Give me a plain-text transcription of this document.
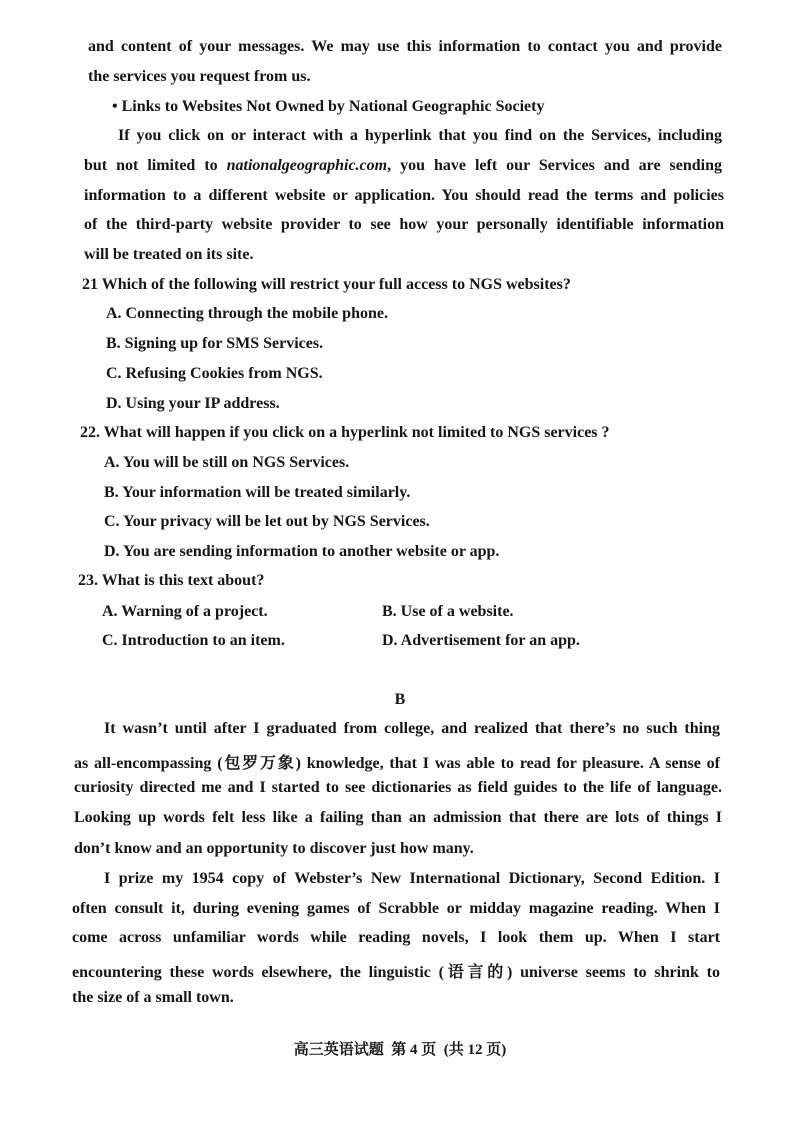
and content of your messages. We may use this information to contact you and provide
the services you request from us.
• Links to Websites Not Owned by National Geographic Society
If you click on or interact with a hyperlink that you find on the Services, including
but not limited to nationalgeographic.com, you have left our Services and are sending
information to a different website or application. You should read the terms and policies
of the third-party website provider to see how your personally identifiable information
will be treated on its site.
21 Which of the following will restrict your full access to NGS websites?
A. Connecting through the mobile phone.
B. Signing up for SMS Services.
C. Refusing Cookies from NGS.
D. Using your IP address.
22. What will happen if you click on a hyperlink not limited to NGS services ?
A. You will be still on NGS Services.
B. Your information will be treated similarly.
C. Your privacy will be let out by NGS Services.
D. You are sending information to another website or app.
23. What is this text about?
A. Warning of a project.	B. Use of a website.
C. Introduction to an item.	D. Advertisement for an app.
B
It wasn’t until after I graduated from college, and realized that there’s no such thing
as all-encompassing (包罗万象) knowledge, that I was able to read for pleasure. A sense of
curiosity directed me and I started to see dictionaries as field guides to the life of language.
Looking up words felt less like a failing than an admission that there are lots of things I
don’t know and an opportunity to discover just how many.
I prize my 1954 copy of Webster’s New International Dictionary, Second Edition. I
often consult it, during evening games of Scrabble or midday magazine reading. When I
come across unfamiliar words while reading novels, I look them up. When I start
encountering these words elsewhere, the linguistic (语言的) universe seems to shrink to
the size of a small town.
高三英语试题  第 4 页  (共 12 页)
